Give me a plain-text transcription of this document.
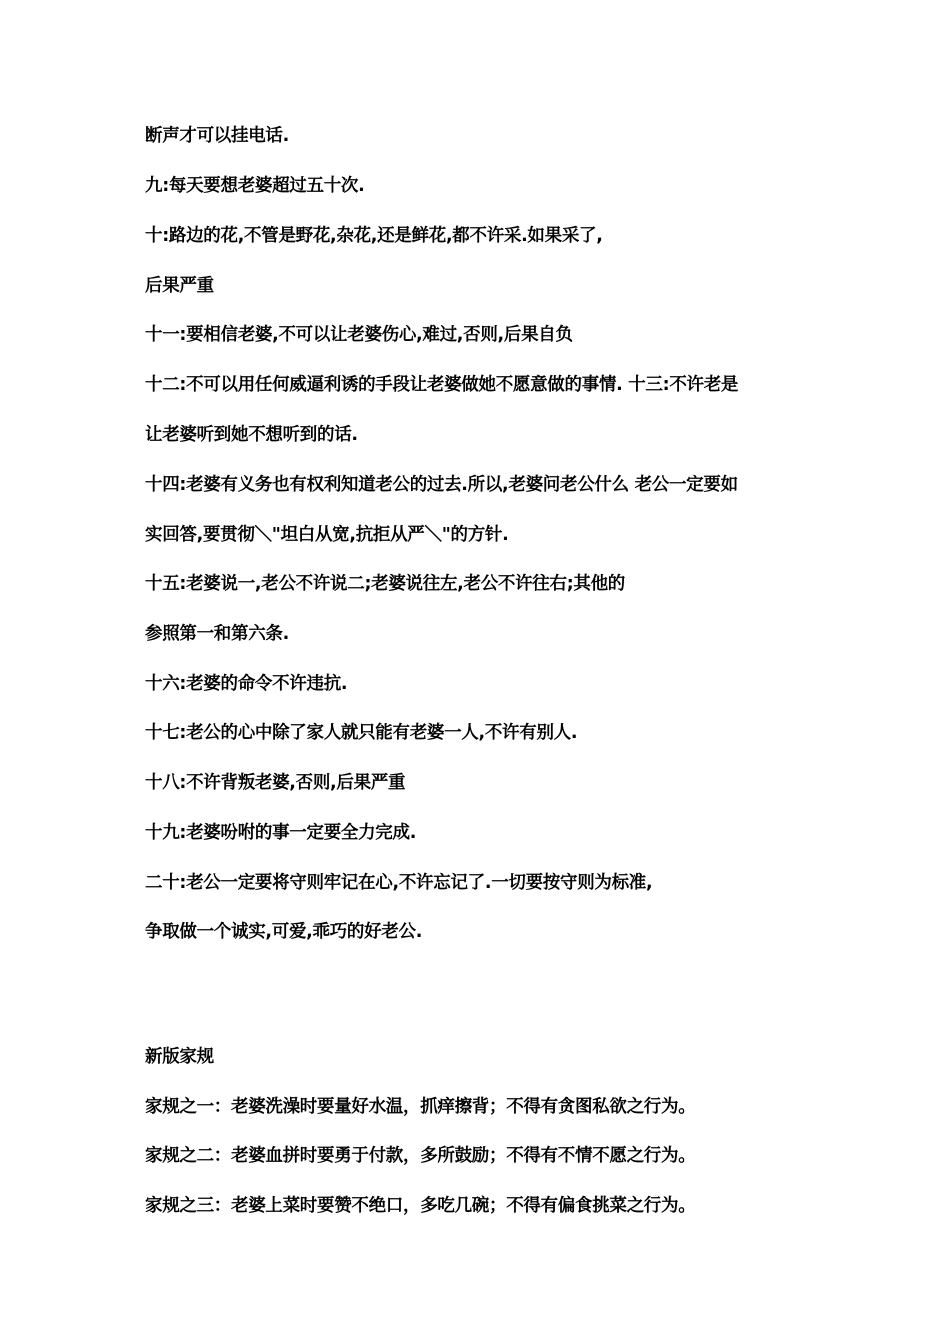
断声才可以挂电话.
九:每天要想老婆超过五十次.
十:路边的花,不管是野花,杂花,还是鲜花,都不许采.如果采了,
后果严重
十一:要相信老婆,不可以让老婆伤心,难过,否则,后果自负
十二:不可以用任何威逼利诱的手段让老婆做她不愿意做的事情. 十三:不许老是
让老婆听到她不想听到的话.
十四:老婆有义务也有权利知道老公的过去.所以,老婆问老公什么 老公一定要如
实回答,要贯彻＼"坦白从宽,抗拒从严＼"的方针.
十五:老婆说一,老公不许说二;老婆说往左,老公不许往右;其他的
参照第一和第六条.
十六:老婆的命令不许违抗.
十七:老公的心中除了家人就只能有老婆一人,不许有别人.
十八:不许背叛老婆,否则,后果严重
十九:老婆吩咐的事一定要全力完成.
二十:老公一定要将守则牢记在心,不许忘记了.一切要按守则为标准,
争取做一个诚实,可爱,乖巧的好老公.
新版家规
家规之一：老婆洗澡时要量好水温，抓痒擦背；不得有贪图私欲之行为。
家规之二：老婆血拼时要勇于付款，多所鼓励；不得有不情不愿之行为。
家规之三：老婆上菜时要赞不绝口，多吃几碗；不得有偏食挑菜之行为。
